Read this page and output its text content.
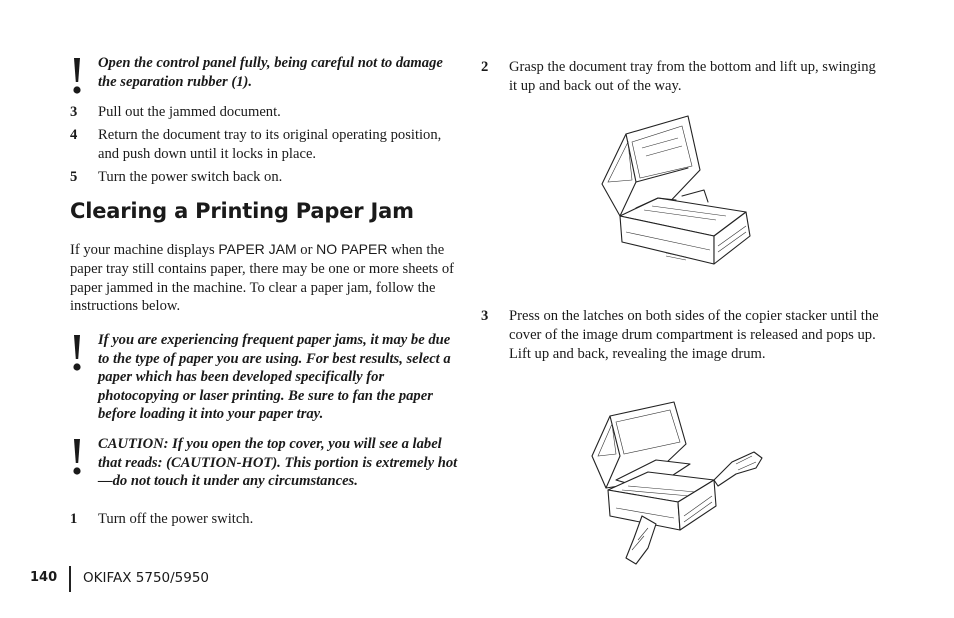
Open the control panel fully, being careful not to damage the separation rubber (1).
3 Pull out the jammed document.
4 Return the document tray to its original operating position, and push down until it locks in place.
5 Turn the power switch back on.
Clearing a Printing Paper Jam
If your machine displays PAPER JAM or NO PAPER when the paper tray still contains paper, there may be one or more sheets of paper jammed in the machine. To clear a paper jam, follow the instructions below.
If you are experiencing frequent paper jams, it may be due to the type of paper you are using. For best results, select a paper which has been developed specifically for photocopying or laser printing. Be sure to fan the paper before loading it into your paper tray.
CAUTION: If you open the top cover, you will see a label that reads: (CAUTION-HOT). This portion is extremely hot—do not touch it under any circumstances.
1 Turn off the power switch.
2 Grasp the document tray from the bottom and lift up, swinging it up and back out of the way.
3 Press on the latches on both sides of the copier stacker until the cover of the image drum compartment is released and pops up. Lift up and back, revealing the image drum.
140 OKIFAX 5750/5950
